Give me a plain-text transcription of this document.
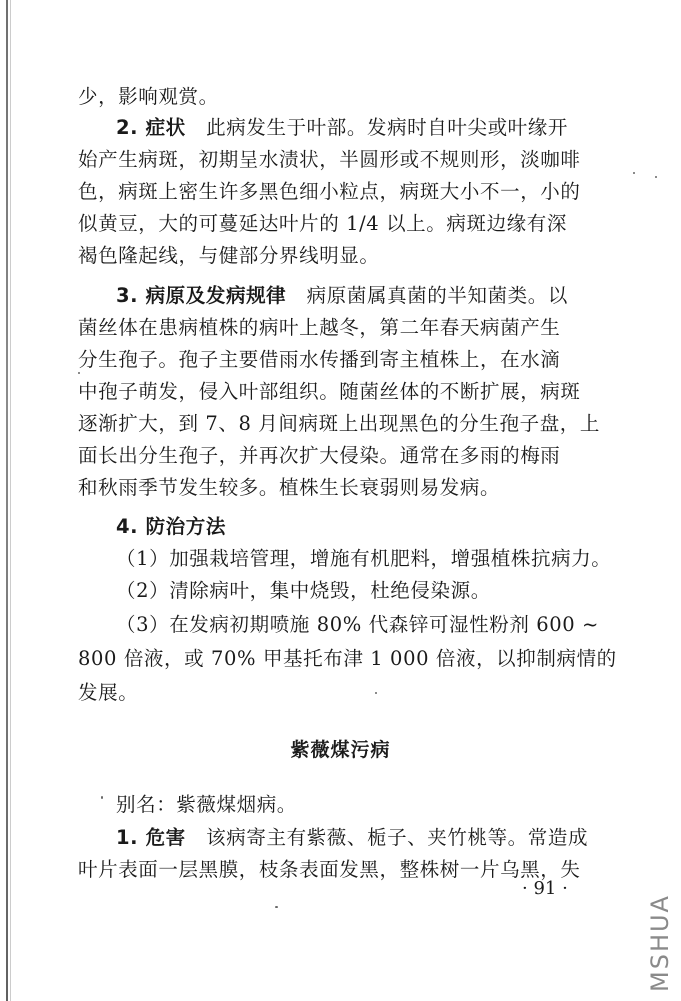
少，影响观赏。
2. 症状 此病发生于叶部。发病时自叶尖或叶缘开
始产生病斑，初期呈水渍状，半圆形或不规则形，淡咖啡
色，病斑上密生许多黑色细小粒点，病斑大小不一，小的
似黄豆，大的可蔓延达叶片的 1/4 以上。病斑边缘有深
褐色隆起线，与健部分界线明显。
3. 病原及发病规律 病原菌属真菌的半知菌类。以
菌丝体在患病植株的病叶上越冬，第二年春天病菌产生
分生孢子。孢子主要借雨水传播到寄主植株上，在水滴
中孢子萌发，侵入叶部组织。随菌丝体的不断扩展，病斑
逐渐扩大，到 7、8 月间病斑上出现黑色的分生孢子盘，上
面长出分生孢子，并再次扩大侵染。通常在多雨的梅雨
和秋雨季节发生较多。植株生长衰弱则易发病。
4. 防治方法
（1）加强栽培管理，增施有机肥料，增强植株抗病力。
（2）清除病叶，集中烧毁，杜绝侵染源。
（3）在发病初期喷施 80% 代森锌可湿性粉剂 600 ~
800 倍液，或 70% 甲基托布津 1 000 倍液，以抑制病情的
发展。
紫薇煤污病
别名：紫薇煤烟病。
1. 危害 该病寄主有紫薇、栀子、夹竹桃等。常造成
叶片表面一层黑膜，枝条表面发黑，整株树一片乌黑，失
· 91 ·
MSHUA
